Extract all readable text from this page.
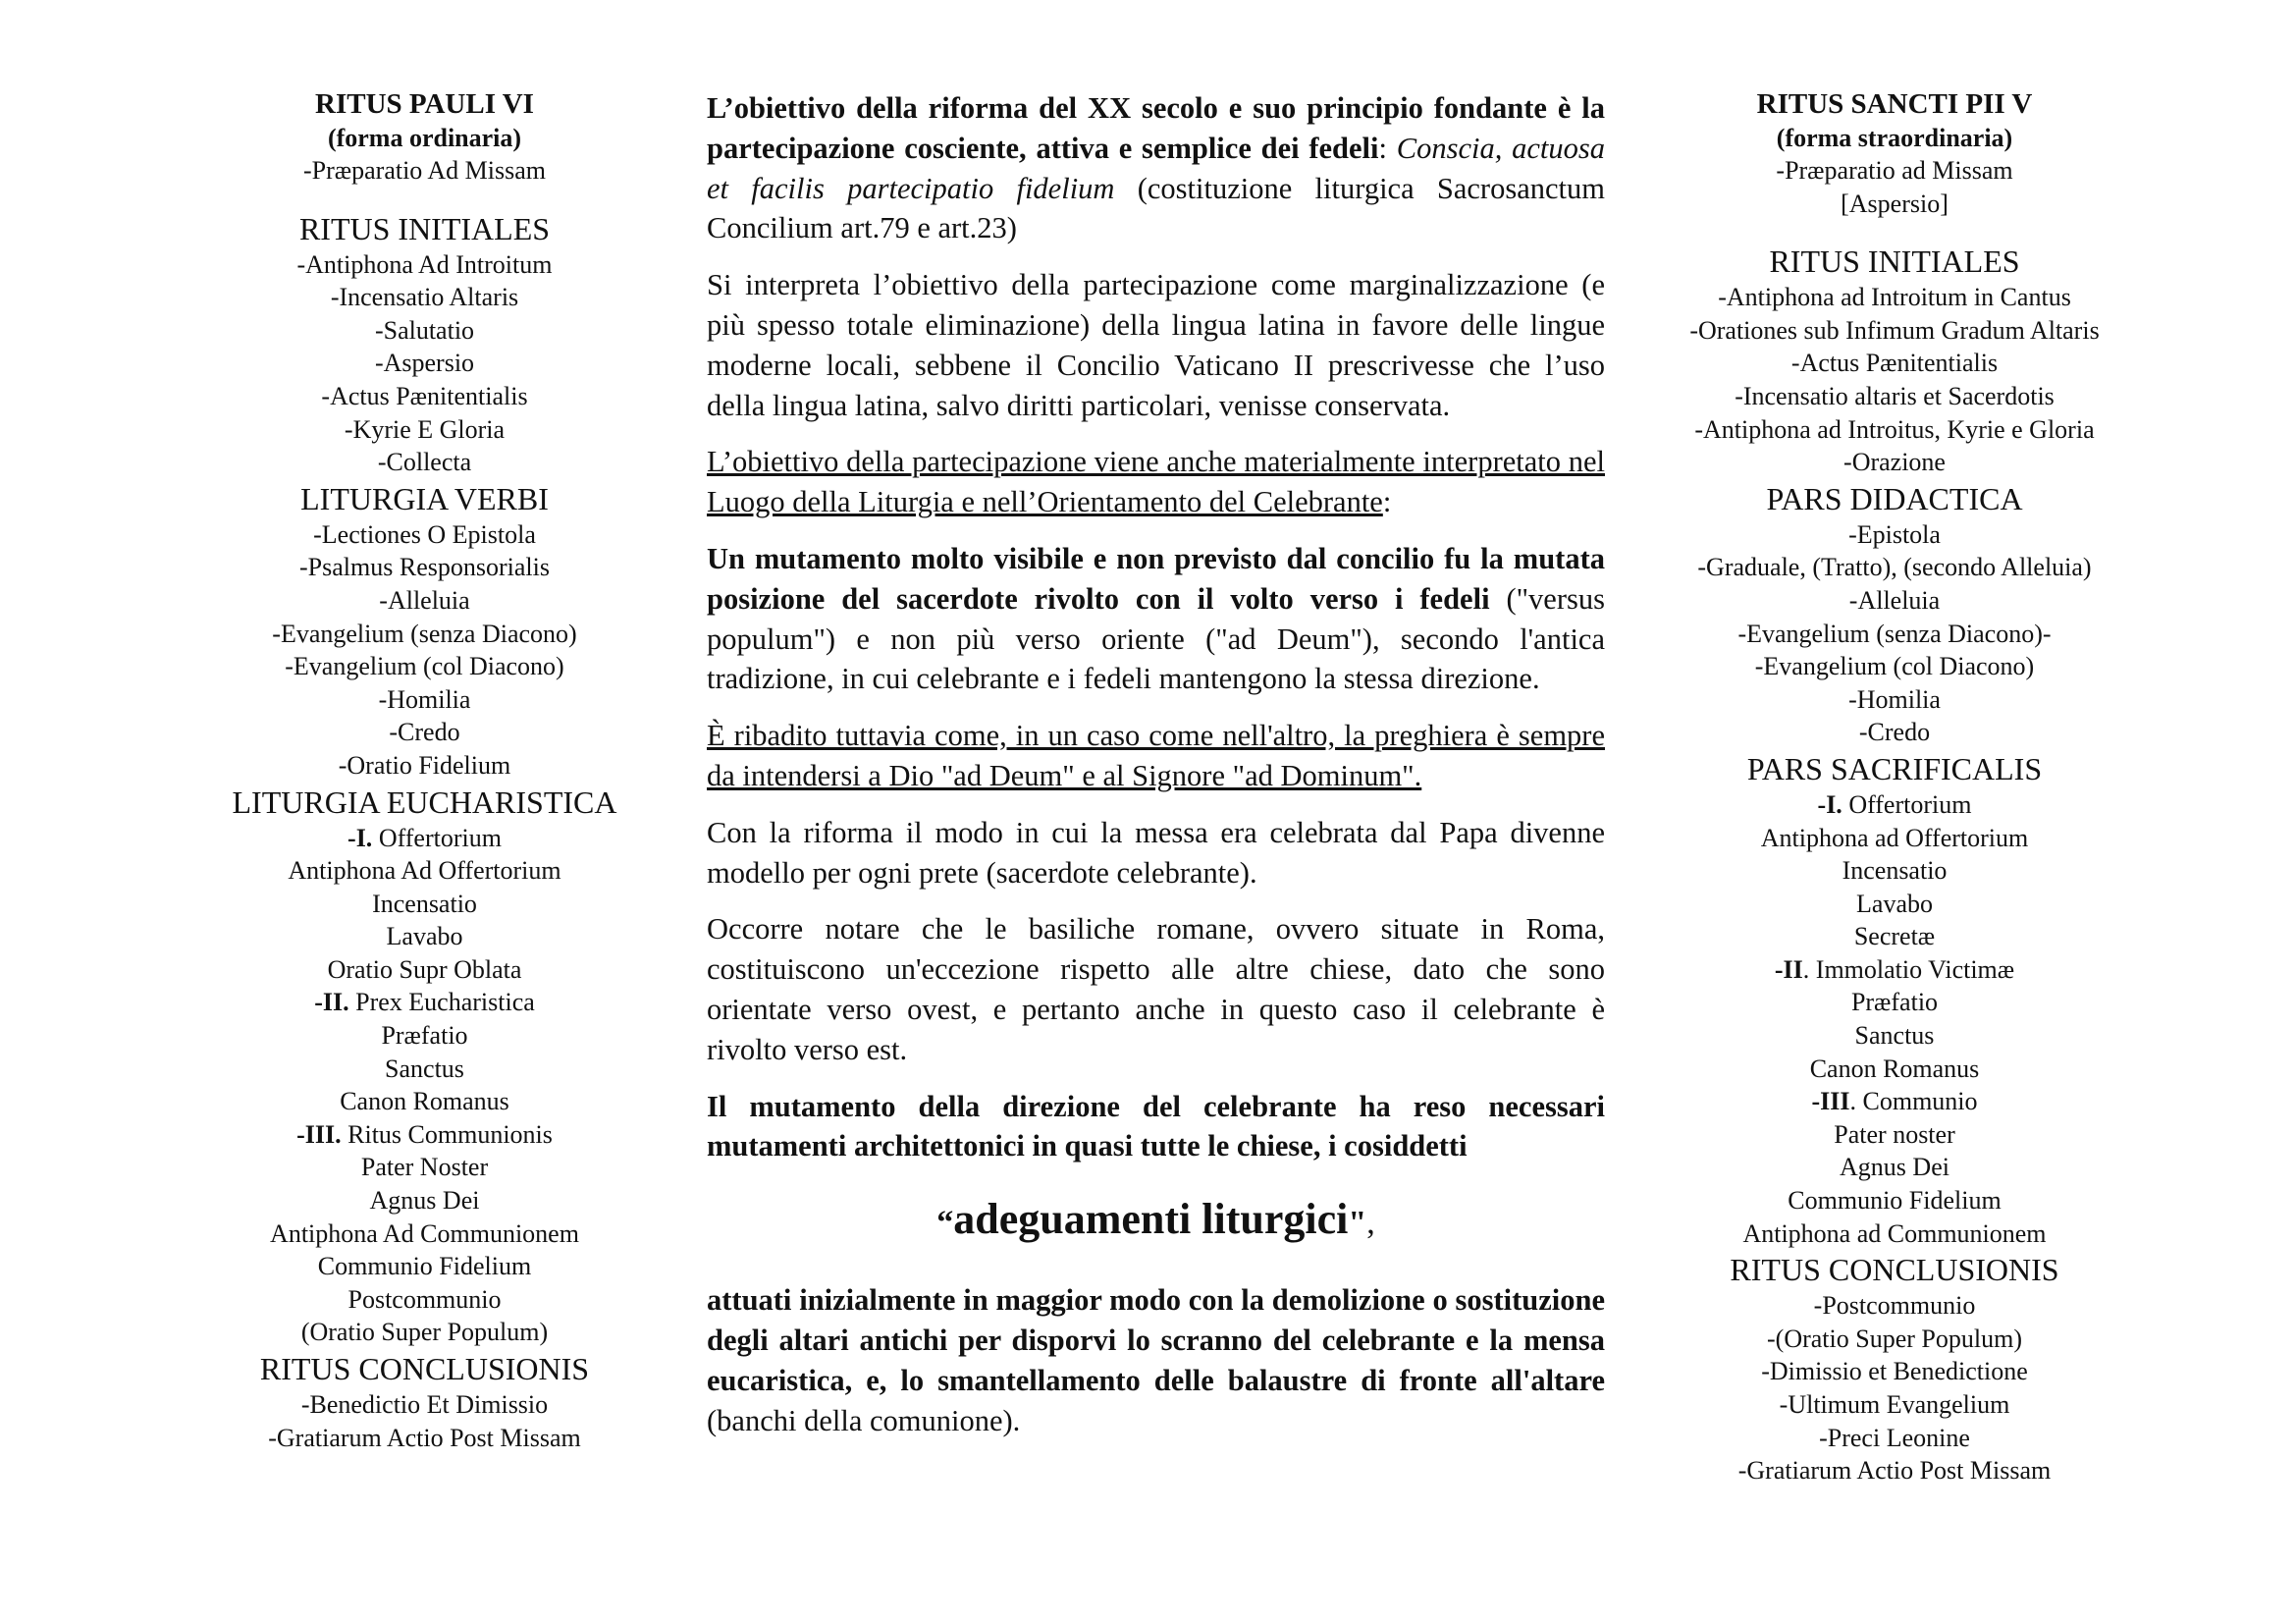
RITUS PAULI VI
(forma ordinaria)
-Præparatio Ad Missam
RITUS INITIALES
-Antiphona Ad Introitum
-Incensatio Altaris
-Salutatio
-Aspersio
-Actus Pænitentialis
-Kyrie E Gloria
-Collecta
LITURGIA VERBI
-Lectiones O Epistola
-Psalmus Responsorialis
-Alleluia
-Evangelium (senza Diacono)
-Evangelium (col Diacono)
-Homilia
-Credo
-Oratio Fidelium
LITURGIA EUCHARISTICA
-I. Offertorium
Antiphona Ad Offertorium
Incensatio
Lavabo
Oratio Supr Oblata
-II. Prex Eucharistica
Præfatio
Sanctus
Canon Romanus
-III. Ritus Communionis
Pater Noster
Agnus Dei
Antiphona Ad Communionem
Communio Fidelium
Postcommunio
(Oratio Super Populum)
RITUS CONCLUSIONIS
-Benedictio Et Dimissio
-Gratiarum Actio Post Missam

L’obiettivo della riforma del XX secolo e suo principio fondante è la partecipazione cosciente, attiva e semplice dei fedeli: Conscia, actuosa et facilis partecipatio fidelium (costituzione liturgica Sacrosanctum Concilium art.79 e art.23)

Si interpreta l’obiettivo della partecipazione come marginalizzazione (e più spesso totale eliminazione) della lingua latina in favore delle lingue moderne locali, sebbene il Concilio Vaticano II prescrivesse che l’uso della lingua latina, salvo diritti particolari, venisse conservata.

L’obiettivo della partecipazione viene anche materialmente interpretato nel Luogo della Liturgia e nell’Orientamento del Celebrante:

Un mutamento molto visibile e non previsto dal concilio fu la mutata posizione del sacerdote rivolto con il volto verso i fedeli ("versus populum") e non più verso oriente ("ad Deum"), secondo l'antica tradizione, in cui celebrante e i fedeli mantengono la stessa direzione.

È ribadito tuttavia come, in un caso come nell'altro, la preghiera è sempre da intendersi a Dio "ad Deum" e al Signore "ad Dominum".

Con la riforma il modo in cui la messa era celebrata dal Papa divenne modello per ogni prete (sacerdote celebrante).

Occorre notare che le basiliche romane, ovvero situate in Roma, costituiscono un'eccezione rispetto alle altre chiese, dato che sono orientate verso ovest, e pertanto anche in questo caso il celebrante è rivolto verso est.

Il mutamento della direzione del celebrante ha reso necessari mutamenti architettonici in quasi tutte le chiese, i cosiddetti

“adeguamenti liturgici",

attuati inizialmente in maggior modo con la demolizione o sostituzione degli altari antichi per disporvi lo scranno del celebrante e la mensa eucaristica, e, lo smantellamento delle balaustre di fronte all'altare (banchi della comunione).

RITUS SANCTI PII V
(forma straordinaria)
-Præparatio ad Missam
[Aspersio]
RITUS INITIALES
-Antiphona ad Introitum in Cantus
-Orationes sub Infimum Gradum Altaris
-Actus Pænitentialis
-Incensatio altaris et Sacerdotis
-Antiphona ad Introitus, Kyrie e Gloria
-Orazione
PARS DIDACTICA
-Epistola
-Graduale, (Tratto), (secondo Alleluia)
-Alleluia
-Evangelium (senza Diacono)-
-Evangelium (col Diacono)
-Homilia
-Credo
PARS SACRIFICALIS
-I. Offertorium
Antiphona ad Offertorium
Incensatio
Lavabo
Secretæ
-II. Immolatio Victimæ
Præfatio
Sanctus
Canon Romanus
-III. Communio
Pater noster
Agnus Dei
Communio Fidelium
Antiphona ad Communionem
RITUS CONCLUSIONIS
-Postcommunio
-(Oratio Super Populum)
-Dimissio et Benedictione
-Ultimum Evangelium
-Preci Leonine
-Gratiarum Actio Post Missam
